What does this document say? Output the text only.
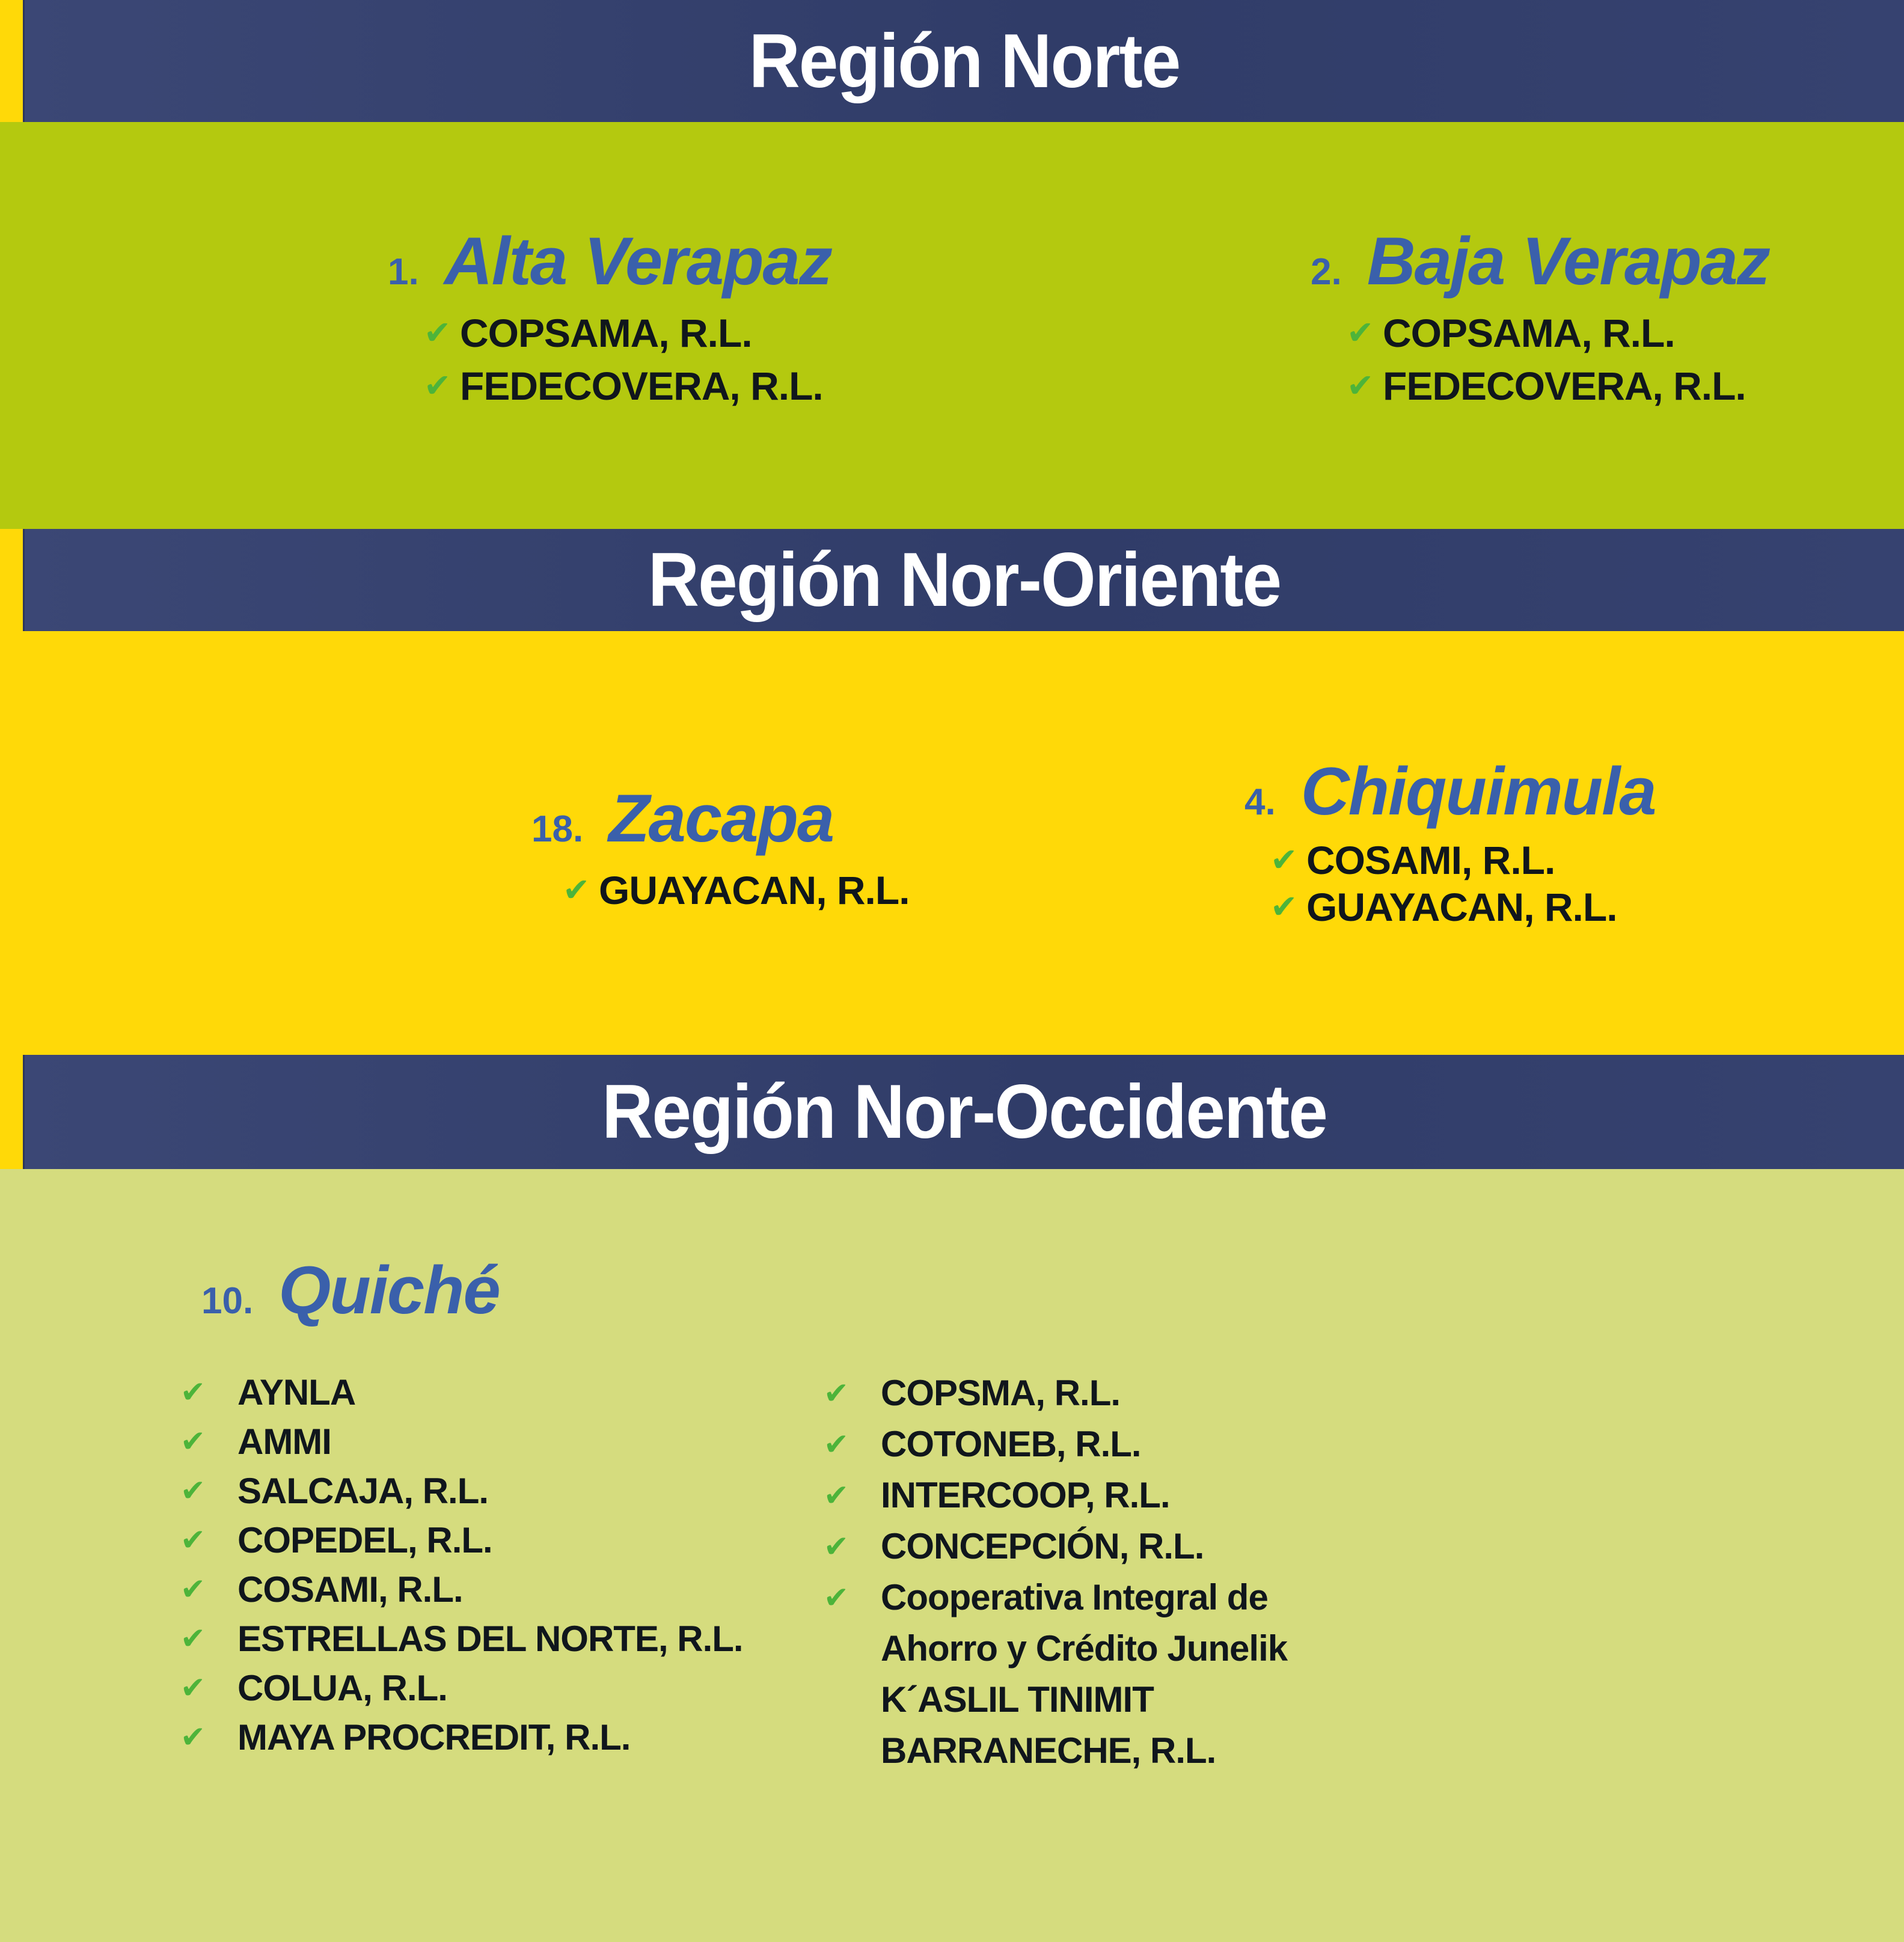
Región Norte
1. Alta Verapaz
✔ COPSAMA, R.L.
✔ FEDECOVERA, R.L.
2. Baja Verapaz
✔ COPSAMA, R.L.
✔ FEDECOVERA, R.L.
Región Nor-Oriente
18. Zacapa
✔ GUAYACAN, R.L.
4. Chiquimula
✔ COSAMI, R.L.
✔ GUAYACAN, R.L.
Región Nor-Occidente
10. Quiché
✔ AYNLA
✔ AMMI
✔ SALCAJA, R.L.
✔ COPEDEL, R.L.
✔ COSAMI, R.L.
✔ ESTRELLAS DEL NORTE, R.L.
✔ COLUA, R.L.
✔ MAYA PROCREDIT, R.L.
✔ COPSMA, R.L.
✔ COTONEB, R.L.
✔ INTERCOOP, R.L.
✔ CONCEPCIÓN, R.L.
✔ Cooperativa Integral de
Ahorro y Crédito Junelik
K´ASLIL TINIMIT
BARRANECHE, R.L.
